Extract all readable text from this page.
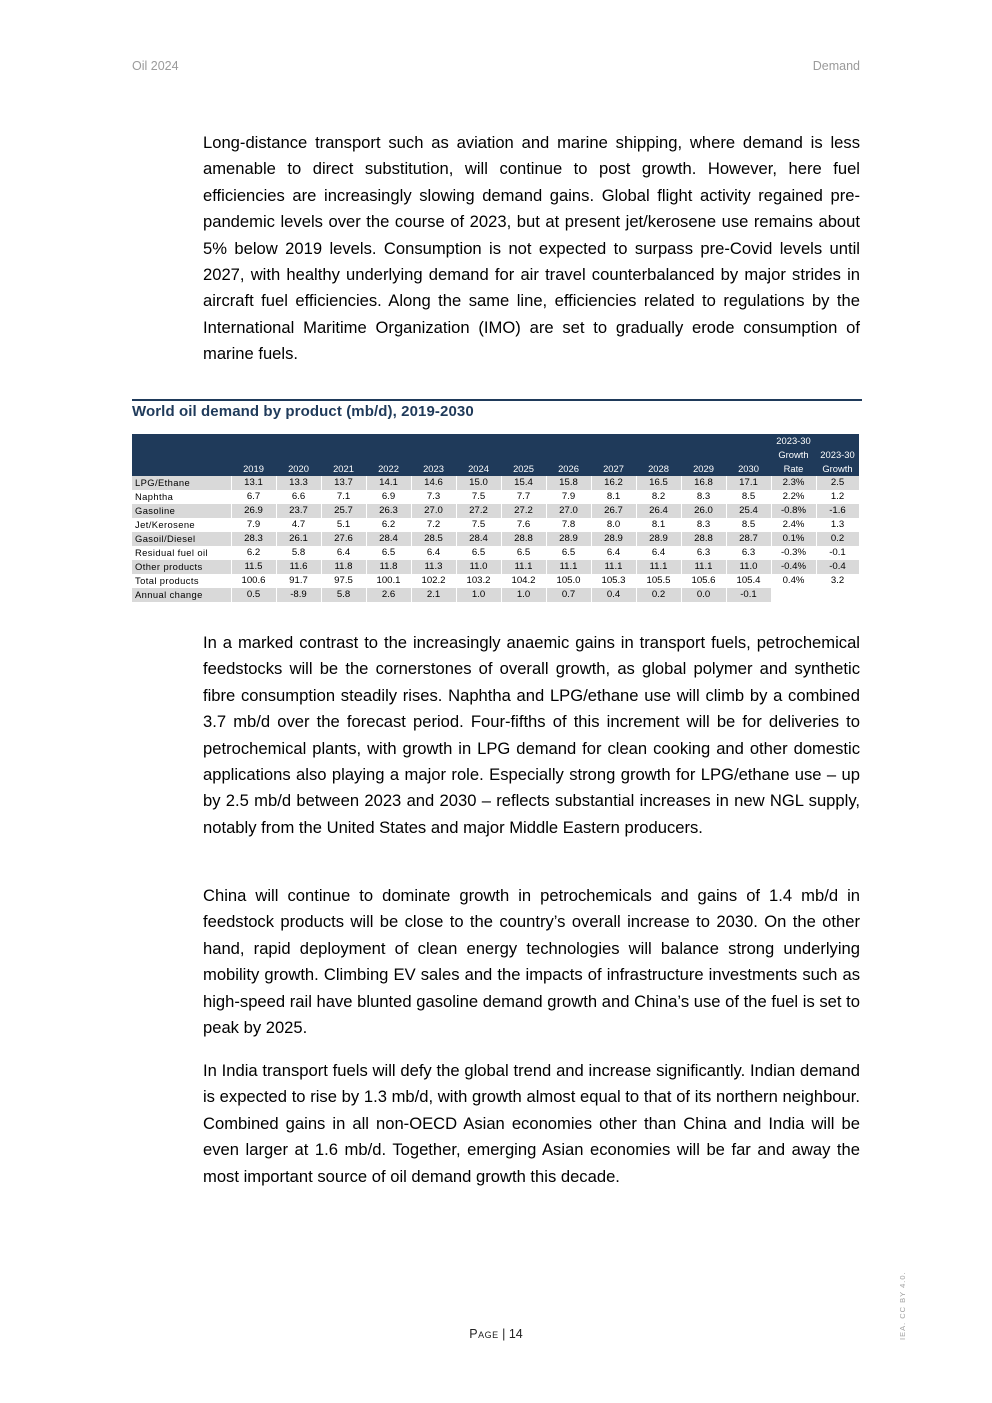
Oil 2024	Demand

Long-distance transport such as aviation and marine shipping, where demand is less amenable to direct substitution, will continue to post growth. However, here fuel efficiencies are increasingly slowing demand gains. Global flight activity regained pre-pandemic levels over the course of 2023, but at present jet/kerosene use remains about 5% below 2019 levels. Consumption is not expected to surpass pre-Covid levels until 2027, with healthy underlying demand for air travel counterbalanced by major strides in aircraft fuel efficiencies. Along the same line, efficiencies related to regulations by the International Maritime Organization (IMO) are set to gradually erode consumption of marine fuels.

World oil demand by product (mb/d), 2019-2030
	2019	2020	2021	2022	2023	2024	2025	2026	2027	2028	2029	2030	2023-30 Growth Rate	2023-30 Growth
LPG/Ethane	13.1	13.3	13.7	14.1	14.6	15.0	15.4	15.8	16.2	16.5	16.8	17.1	2.3%	2.5
Naphtha	6.7	6.6	7.1	6.9	7.3	7.5	7.7	7.9	8.1	8.2	8.3	8.5	2.2%	1.2
Gasoline	26.9	23.7	25.7	26.3	27.0	27.2	27.2	27.0	26.7	26.4	26.0	25.4	-0.8%	-1.6
Jet/Kerosene	7.9	4.7	5.1	6.2	7.2	7.5	7.6	7.8	8.0	8.1	8.3	8.5	2.4%	1.3
Gasoil/Diesel	28.3	26.1	27.6	28.4	28.5	28.4	28.8	28.9	28.9	28.9	28.8	28.7	0.1%	0.2
Residual fuel oil	6.2	5.8	6.4	6.5	6.4	6.5	6.5	6.5	6.4	6.4	6.3	6.3	-0.3%	-0.1
Other products	11.5	11.6	11.8	11.8	11.3	11.0	11.1	11.1	11.1	11.1	11.1	11.0	-0.4%	-0.4
Total products	100.6	91.7	97.5	100.1	102.2	103.2	104.2	105.0	105.3	105.5	105.6	105.4	0.4%	3.2
Annual change	0.5	-8.9	5.8	2.6	2.1	1.0	1.0	0.7	0.4	0.2	0.0	-0.1		

In a marked contrast to the increasingly anaemic gains in transport fuels, petrochemical feedstocks will be the cornerstones of overall growth, as global polymer and synthetic fibre consumption steadily rises. Naphtha and LPG/ethane use will climb by a combined 3.7 mb/d over the forecast period. Four-fifths of this increment will be for deliveries to petrochemical plants, with growth in LPG demand for clean cooking and other domestic applications also playing a major role. Especially strong growth for LPG/ethane use – up by 2.5 mb/d between 2023 and 2030 – reflects substantial increases in new NGL supply, notably from the United States and major Middle Eastern producers.

China will continue to dominate growth in petrochemicals and gains of 1.4 mb/d in feedstock products will be close to the country’s overall increase to 2030. On the other hand, rapid deployment of clean energy technologies will balance strong underlying mobility growth. Climbing EV sales and the impacts of infrastructure investments such as high-speed rail have blunted gasoline demand growth and China’s use of the fuel is set to peak by 2025.

In India transport fuels will defy the global trend and increase significantly. Indian demand is expected to rise by 1.3 mb/d, with growth almost equal to that of its northern neighbour. Combined gains in all non-OECD Asian economies other than China and India will be even larger at 1.6 mb/d. Together, emerging Asian economies will be far and away the most important source of oil demand growth this decade.

Page | 14	IEA. CC BY 4.0.
